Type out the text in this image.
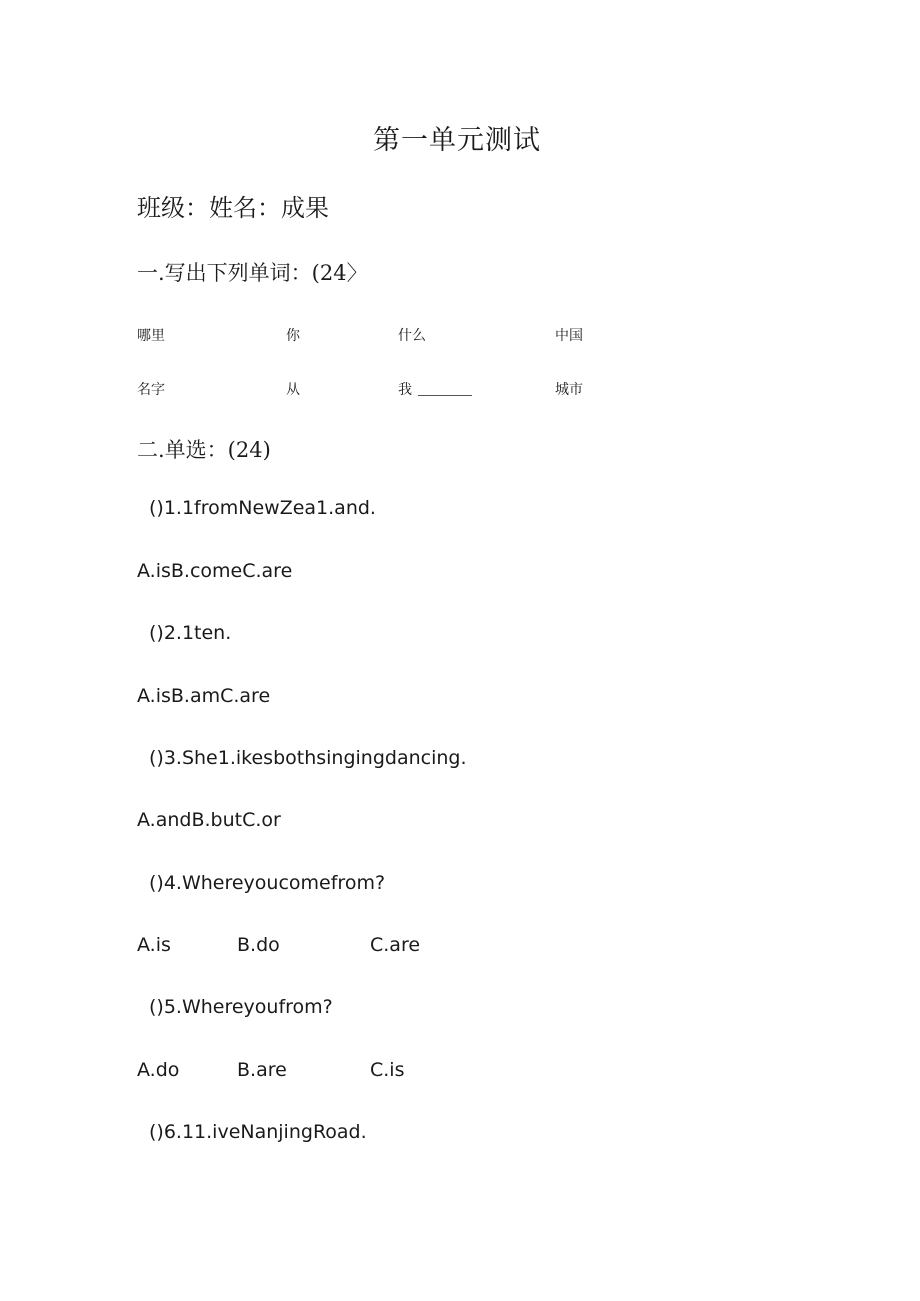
第一单元测试
班级：姓名：成果
一.写出下列单词：(24〉
哪里	你	什么	中国
名字	从	我	城市
二.单选：(24)
()1.1fromNewZea1.and.
A.isB.comeC.are
()2.1ten.
A.isB.amC.are
()3.She1.ikesbothsingingdancing.
A.andB.butC.or
()4.Whereyoucomefrom?
A.is	B.do	C.are
()5.Whereyoufrom?
A.do	B.are	C.is
()6.11.iveNanjingRoad.
